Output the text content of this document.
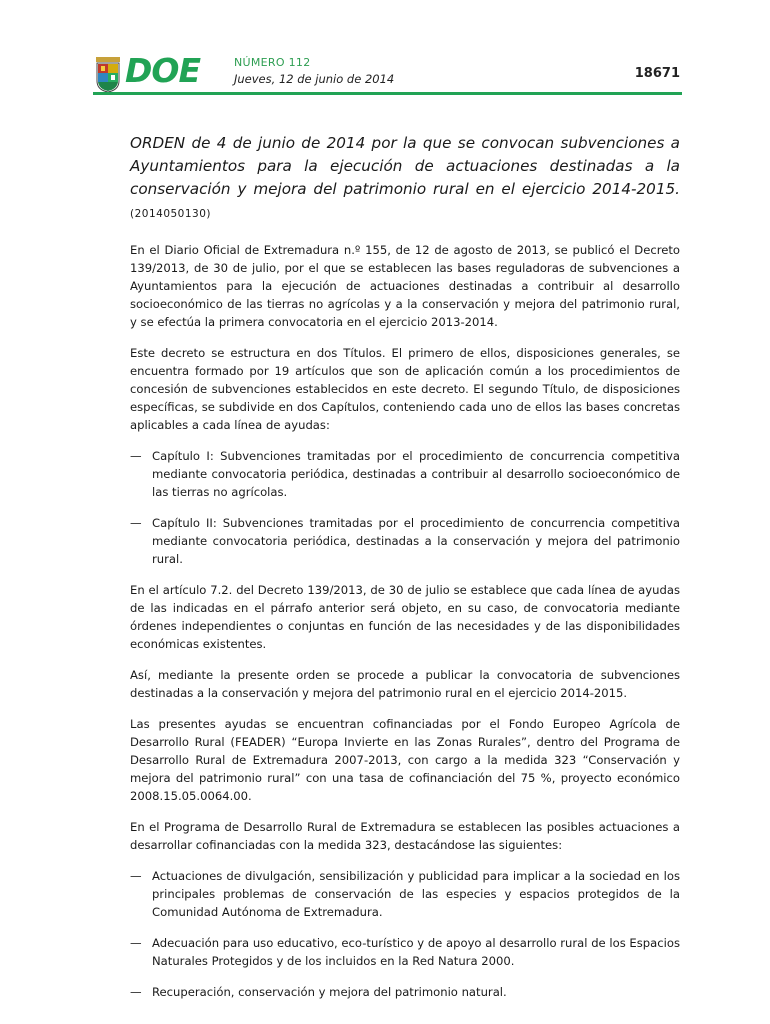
DOE	NÚMERO 112
Jueves, 12 de junio de 2014	18671
ORDEN de 4 de junio de 2014 por la que se convocan subvenciones a Ayuntamientos para la ejecución de actuaciones destinadas a la conservación y mejora del patrimonio rural en el ejercicio 2014-2015. (2014050130)

En el Diario Oficial de Extremadura n.º 155, de 12 de agosto de 2013, se publicó el Decreto 139/2013, de 30 de julio, por el que se establecen las bases reguladoras de subvenciones a Ayuntamientos para la ejecución de actuaciones destinadas a contribuir al desarrollo socioeconómico de las tierras no agrícolas y a la conservación y mejora del patrimonio rural, y se efectúa la primera convocatoria en el ejercicio 2013-2014.

Este decreto se estructura en dos Títulos. El primero de ellos, disposiciones generales, se encuentra formado por 19 artículos que son de aplicación común a los procedimientos de concesión de subvenciones establecidos en este decreto. El segundo Título, de disposiciones específicas, se subdivide en dos Capítulos, conteniendo cada uno de ellos las bases concretas aplicables a cada línea de ayudas:

— Capítulo I: Subvenciones tramitadas por el procedimiento de concurrencia competitiva mediante convocatoria periódica, destinadas a contribuir al desarrollo socioeconómico de las tierras no agrícolas.
— Capítulo II: Subvenciones tramitadas por el procedimiento de concurrencia competitiva mediante convocatoria periódica, destinadas a la conservación y mejora del patrimonio rural.

En el artículo 7.2. del Decreto 139/2013, de 30 de julio se establece que cada línea de ayudas de las indicadas en el párrafo anterior será objeto, en su caso, de convocatoria mediante órdenes independientes o conjuntas en función de las necesidades y de las disponibilidades económicas existentes.

Así, mediante la presente orden se procede a publicar la convocatoria de subvenciones destinadas a la conservación y mejora del patrimonio rural en el ejercicio 2014-2015.

Las presentes ayudas se encuentran cofinanciadas por el Fondo Europeo Agrícola de Desarrollo Rural (FEADER) “Europa Invierte en las Zonas Rurales”, dentro del Programa de Desarrollo Rural de Extremadura 2007-2013, con cargo a la medida 323 “Conservación y mejora del patrimonio rural” con una tasa de cofinanciación del 75 %, proyecto económico 2008.15.05.0064.00.

En el Programa de Desarrollo Rural de Extremadura se establecen las posibles actuaciones a desarrollar cofinanciadas con la medida 323, destacándose las siguientes:

— Actuaciones de divulgación, sensibilización y publicidad para implicar a la sociedad en los principales problemas de conservación de las especies y espacios protegidos de la Comunidad Autónoma de Extremadura.
— Adecuación para uso educativo, eco-turístico y de apoyo al desarrollo rural de los Espacios Naturales Protegidos y de los incluidos en la Red Natura 2000.
— Recuperación, conservación y mejora del patrimonio natural.
